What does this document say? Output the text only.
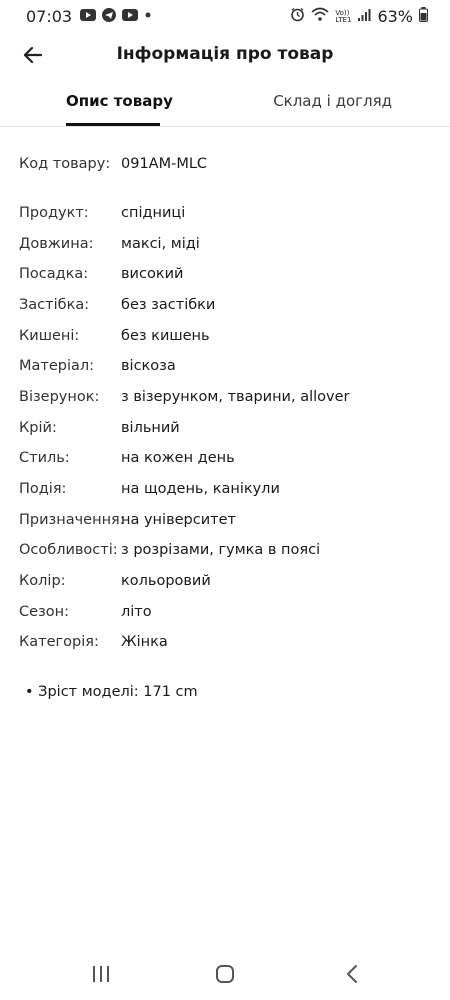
07:03	Vo))
LTE1 63%
Інформація про товар
Опис товару	Склад і догляд
Код товару: 091AM-MLC
Продукт:	спідниці
Довжина:	максі, міді
Посадка:	високий
Застібка:	без застібки
Кишені:	без кишень
Матеріал:	віскоза
Візерунок:	з візерунком, тварини, allover
Крій:	вільний
Стиль:	на кожен день
Подія:	на щодень, канікули
Призначення:
на університет
Особливості: з розрізами, гумка в поясі
Колір:	кольоровий
Сезон:	літо
Категорія:	Жінка
• Зріст моделі: 171 cm
